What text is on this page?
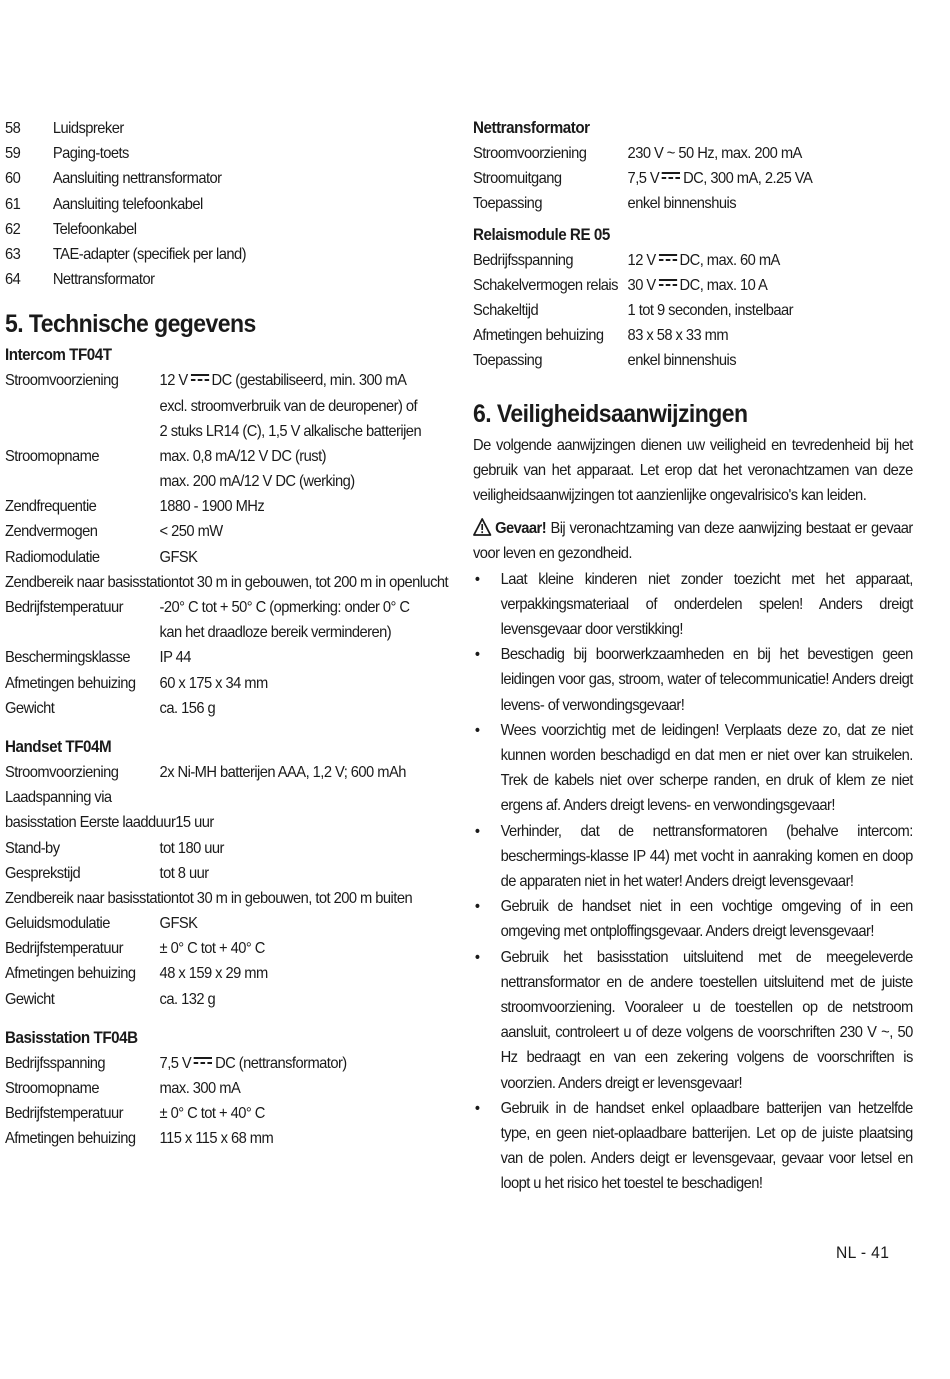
58	Luidspreker
59	Paging-toets
60	Aansluiting nettransformator
61	Aansluiting telefoonkabel
62	Telefoonkabel
63	TAE-adapter (specifiek per land)
64	Nettransformator
5. Technische gegevens
Intercom TF04T
Stroomvoorziening	12 V DC (gestabiliseerd, min. 300 mA
excl. stroomverbruik van de deuropener) of
2 stuks LR14 (C), 1,5 V alkalische batterijen
Stroomopname	max. 0,8 mA/12 V DC (rust)
max. 200 mA/12 V DC (werking)
Zendfrequentie	1880 - 1900 MHz
Zendvermogen	< 250 mW
Radiomodulatie	GFSK
Zendbereik naar basisstation tot 30 m in gebouwen, tot 200 m in openlucht
Bedrijfstemperatuur	-20° C tot + 50° C (opmerking: onder 0° C
kan het draadloze bereik verminderen)
Beschermingsklasse	IP 44
Afmetingen behuizing	60 x 175 x 34 mm
Gewicht	ca. 156 g
Handset TF04M
Stroomvoorziening	2x Ni-MH batterijen AAA, 1,2 V; 600 mAh
Laadspanning via
basisstation Eerste laadduur 15 uur
Stand-by	tot 180 uur
Gesprekstijd	tot 8 uur
Zendbereik naar basisstation tot 30 m in gebouwen, tot 200 m buiten
Geluidsmodulatie	GFSK
Bedrijfstemperatuur	± 0° C tot + 40° C
Afmetingen behuizing	48 x 159 x 29 mm
Gewicht	ca. 132 g
Basisstation TF04B
Bedrijfsspanning	7,5 V DC (nettransformator)
Stroomopname	max. 300 mA
Bedrijfstemperatuur	± 0° C tot + 40° C
Afmetingen behuizing	115 x 115 x 68 mm
Nettransformator
Stroomvoorziening	230 V ~ 50 Hz, max. 200 mA
Stroomuitgang	7,5 V DC, 300 mA, 2.25 VA
Toepassing	enkel binnenshuis
Relaismodule RE 05
Bedrijfsspanning	12 V DC, max. 60 mA
Schakelvermogen relais 30 V DC, max. 10 A
Schakeltijd	1 tot 9 seconden, instelbaar
Afmetingen behuizing	83 x 58 x 33 mm
Toepassing	enkel binnenshuis
6. Veiligheidsaanwijzingen
De volgende aanwijzingen dienen uw veiligheid en tevredenheid bij het gebruik van het apparaat. Let erop dat het veronachtzamen van deze veiligheidsaanwijzingen tot aanzienlijke ongevalrisico's kan leiden.
Gevaar! Bij veronachtzaming van deze aanwijzing bestaat er gevaar voor leven en gezondheid.
•	Laat kleine kinderen niet zonder toezicht met het apparaat, verpakkingsmateriaal of onderdelen spelen! Anders dreigt levensgevaar door verstikking!
•	Beschadig bij boorwerkzaamheden en bij het bevestigen geen leidingen voor gas, stroom, water of telecommunicatie! Anders dreigt levens- of verwondingsgevaar!
•	Wees voorzichtig met de leidingen! Verplaats deze zo, dat ze niet kunnen worden beschadigd en dat men er niet over kan struikelen. Trek de kabels niet over scherpe randen, en druk of klem ze niet ergens af. Anders dreigt levens- en verwondingsgevaar!
•	Verhinder, dat de nettransformatoren (behalve intercom: beschermings-klasse IP 44) met vocht in aanraking komen en doop de apparaten niet in het water! Anders dreigt levensgevaar!
•	Gebruik de handset niet in een vochtige omgeving of in een omgeving met ontploffingsgevaar. Anders dreigt levensgevaar!
•	Gebruik het basisstation uitsluitend met de meegeleverde nettransformator en de andere toestellen uitsluitend met de juiste stroomvoorziening. Vooraleer u de toestellen op de netstroom aansluit, controleert u of deze volgens de voorschriften 230 V ~, 50 Hz bedraagt en van een zekering volgens de voorschriften is voorzien. Anders dreigt er levensgevaar!
•	Gebruik in de handset enkel oplaadbare batterijen van hetzelfde type, en geen niet-oplaadbare batterijen. Let op de juiste plaatsing van de polen. Anders deigt er levensgevaar, gevaar voor letsel en loopt u het risico het toestel te beschadigen!
NL - 41
